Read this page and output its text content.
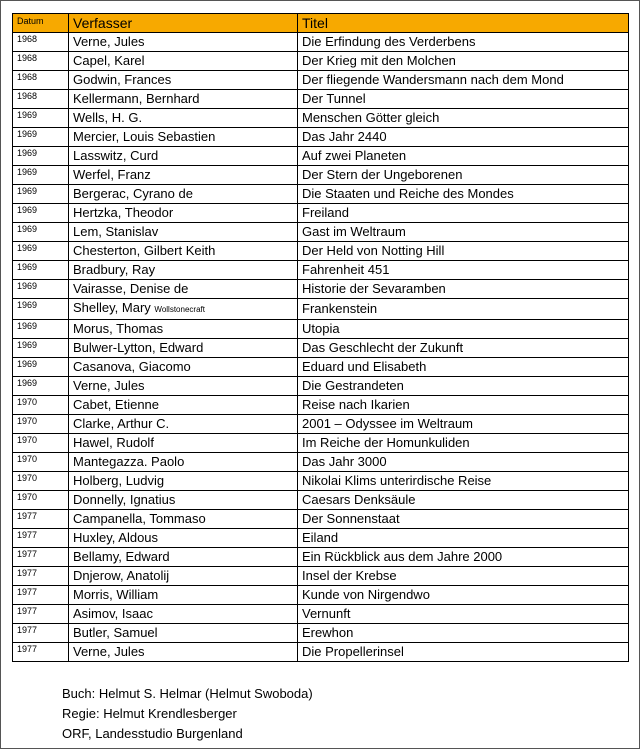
Datum	Verfasser	Titel
1968	Verne, Jules	Die Erfindung des Verderbens
1968	Capel, Karel	Der Krieg mit den Molchen
1968	Godwin, Frances	Der fliegende Wandersmann nach dem Mond
1968	Kellermann, Bernhard	Der Tunnel
1969	Wells, H. G.	Menschen Götter gleich
1969	Mercier, Louis Sebastien	Das Jahr 2440
1969	Lasswitz, Curd	Auf zwei Planeten
1969	Werfel, Franz	Der Stern der Ungeborenen
1969	Bergerac, Cyrano de	Die Staaten und Reiche des Mondes
1969	Hertzka, Theodor	Freiland
1969	Lem, Stanislav	Gast im Weltraum
1969	Chesterton, Gilbert Keith	Der Held von Notting Hill
1969	Bradbury, Ray	Fahrenheit 451
1969	Vairasse, Denise de	Historie der Sevaramben
1969	Shelley, Mary Wollstonecraft	Frankenstein
1969	Morus, Thomas	Utopia
1969	Bulwer-Lytton, Edward	Das Geschlecht der Zukunft
1969	Casanova, Giacomo	Eduard und Elisabeth
1969	Verne, Jules	Die Gestrandeten
1970	Cabet, Etienne	Reise nach Ikarien
1970	Clarke, Arthur C.	2001 – Odyssee im Weltraum
1970	Hawel, Rudolf	Im Reiche der Homunkuliden
1970	Mantegazza. Paolo	Das Jahr 3000
1970	Holberg, Ludvig	Nikolai Klims unterirdische Reise
1970	Donnelly, Ignatius	Caesars Denksäule
1977	Campanella, Tommaso	Der Sonnenstaat
1977	Huxley, Aldous	Eiland
1977	Bellamy, Edward	Ein Rückblick aus dem Jahre 2000
1977	Dnjerow, Anatolij	Insel der Krebse
1977	Morris, William	Kunde von Nirgendwo
1977	Asimov, Isaac	Vernunft
1977	Butler, Samuel	Erewhon
1977	Verne, Jules	Die Propellerinsel
Buch: Helmut S. Helmar (Helmut Swoboda)
Regie: Helmut Krendlesberger
ORF, Landesstudio Burgenland
